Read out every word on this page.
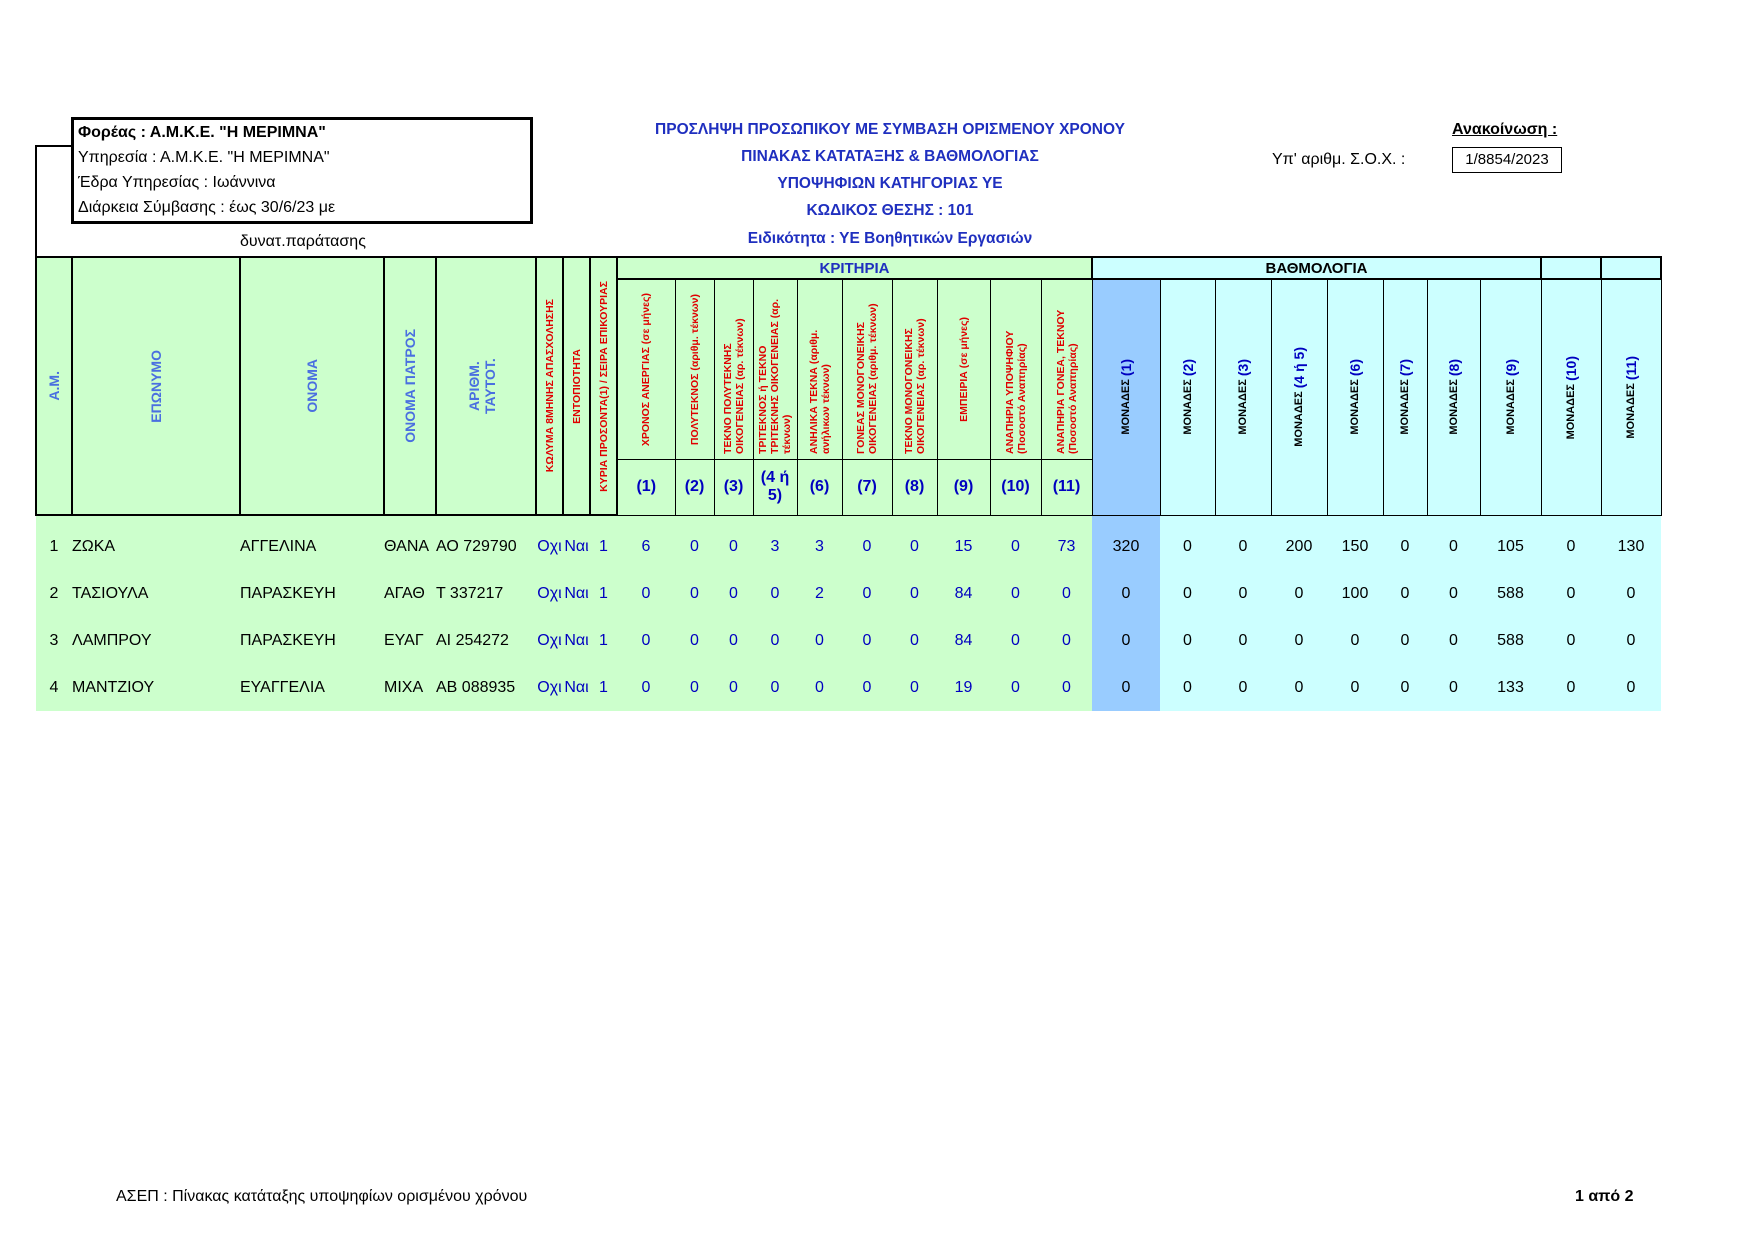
Φορέας : Α.Μ.Κ.Ε. "Η ΜΕΡΙΜΝΑ"
Υπηρεσία : Α.Μ.Κ.Ε. "Η ΜΕΡΙΜΝΑ"
Έδρα Υπηρεσίας : Ιωάννινα
Διάρκεια Σύμβασης : έως 30/6/23 με
δυνατ.παράτασης
ΠΡΟΣΛΗΨΗ ΠΡΟΣΩΠΙΚΟΥ ΜΕ ΣΥΜΒΑΣΗ ΟΡΙΣΜΕΝΟΥ ΧΡΟΝΟΥ
ΠΙΝΑΚΑΣ ΚΑΤΑΤΑΞΗΣ & ΒΑΘΜΟΛΟΓΙΑΣ
ΥΠΟΨΗΦΙΩΝ ΚΑΤΗΓΟΡΙΑΣ ΥΕ
ΚΩΔΙΚΟΣ ΘΕΣΗΣ : 101
Ειδικότητα : ΥΕ Βοηθητικών Εργασιών
Ανακοίνωση :
Υπ' αριθμ. Σ.Ο.Χ. :	1/8854/2023
Α.Μ.	ΕΠΩΝΥΜΟ	ΟΝΟΜΑ	ΟΝΟΜΑ ΠΑΤΡΟΣ	ΑΡΙΘΜ. ΤΑΥΤΟΤ.	ΚΩΛΥΜΑ 8ΜΗΝΗΣ ΑΠΑΣΧΟΛΗΣΗΣ	ΕΝΤΟΠΙΟΤΗΤΑ	ΚΥΡΙΑ ΠΡΟΣΟΝΤΑ(1) / ΣΕΙΡΑ ΕΠΙΚΟΥΡΙΑΣ	ΚΡΙΤΗΡΙΑ										ΒΑΘΜΟΛΟΓΙΑ									

								ΧΡΟΝΟΣ ΑΝΕΡΓΙΑΣ (σε μήνες)	ΠΟΛΥΤΕΚΝΟΣ (αριθμ. τέκνων)	ΤΕΚΝΟ ΠΟΛΥΤΕΚΝΗΣ ΟΙΚΟΓΕΝΕΙΑΣ (αρ. τέκνων)	ΤΡΙΤΕΚΝΟΣ ή ΤΕΚΝΟ ΤΡΙΤΕΚΝΗΣ ΟΙΚΟΓΕΝΕΙΑΣ (αρ. τέκνων)	ΑΝΗΛΙΚΑ ΤΕΚΝΑ (αριθμ. ανήλικων τέκνων)	ΓΟΝΕΑΣ ΜΟΝΟΓΟΝΕΙΚΗΣ ΟΙΚΟΓΕΝΕΙΑΣ (αριθμ. τέκνων)	ΤΕΚΝΟ ΜΟΝΟΓΟΝΕΙΚΗΣ ΟΙΚΟΓΕΝΕΙΑΣ (αρ. τέκνων)	ΕΜΠΕΙΡΙΑ (σε μήνες)	ΑΝΑΠΗΡΙΑ ΥΠΟΨΗΦΙΟΥ (Ποσοστό Αναπηρίας)	ΑΝΑΠΗΡΙΑ ΓΟΝΕΑ, ΤΕΚΝΟΥ (Ποσοστό Αναπηρίας)	ΜΟΝΑΔΕΣ (1)	ΜΟΝΑΔΕΣ (2)	ΜΟΝΑΔΕΣ (3)	ΜΟΝΑΔΕΣ (4 ή 5)	ΜΟΝΑΔΕΣ (6)	ΜΟΝΑΔΕΣ (7)	ΜΟΝΑΔΕΣ (8)	ΜΟΝΑΔΕΣ (9)	ΜΟΝΑΔΕΣ (10)	ΜΟΝΑΔΕΣ (11)

								(1)	(2)	(3)	(4 ή 5)	(6)	(7)	(8)	(9)	(10)	(11)										

1	ΖΩΚΑ	ΑΓΓΕΛΙΝΑ	ΘΑΝΑ	ΑΟ 729790	Οχι	Ναι	1	6	0	0	3	3	0	0	15	0	73	320	0	0	200	150	0	0	105	0	130
2	ΤΑΣΙΟΥΛΑ	ΠΑΡΑΣΚΕΥΗ	ΑΓΑΘ	Τ 337217	Οχι	Ναι	1	0	0	0	0	2	0	0	84	0	0	0	0	0	0	100	0	0	588	0	0
3	ΛΑΜΠΡΟΥ	ΠΑΡΑΣΚΕΥΗ	ΕΥΑΓ	ΑΙ 254272	Οχι	Ναι	1	0	0	0	0	0	0	0	84	0	0	0	0	0	0	0	0	0	588	0	0
4	ΜΑΝΤΖΙΟΥ	ΕΥΑΓΓΕΛΙΑ	ΜΙΧΑ	ΑΒ 088935	Οχι	Ναι	1	0	0	0	0	0	0	0	19	0	0	0	0	0	0	0	0	0	133	0	0
ΑΣΕΠ : Πίνακας κατάταξης υποψηφίων ορισμένου χρόνου	1 από 2
